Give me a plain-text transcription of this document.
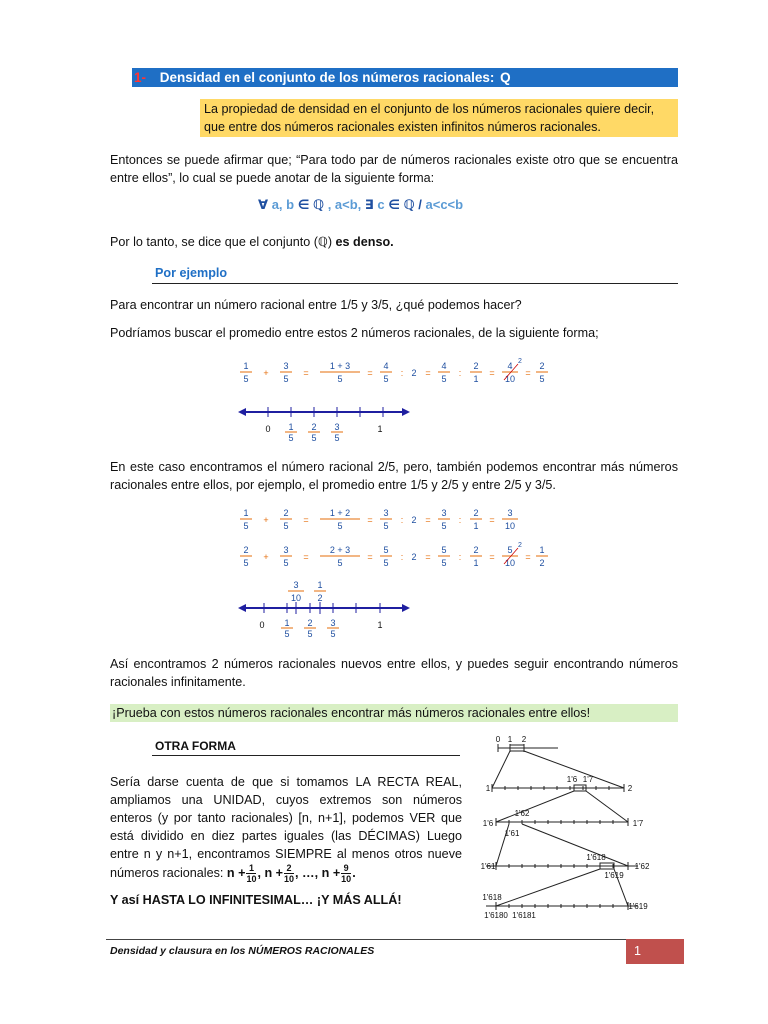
1- Densidad en el conjunto de los números racionales: Q
La propiedad de densidad en el conjunto de los números racionales quiere decir, que entre dos números racionales existen infinitos números racionales.
Entonces se puede afirmar que; “Para todo par de números racionales existe otro que se encuentra entre ellos”, lo cual se puede anotar de la siguiente forma:
∀ a, b ∈ ℚ , a<b, ∃ c ∈ ℚ / a<c<b
Por lo tanto, se dice que el conjunto (ℚ) es denso.
Por ejemplo
Para encontrar un número racional entre 1/5 y 3/5, ¿qué podemos hacer?
Podríamos buscar el promedio entre estos 2 números racionales, de la siguiente forma;
1
5
+
3
5
=
1 + 3
5
=
4
5
: 2 =
4
5
:
2
1
=
4
10
2
=
2
5
0	1
1
5
2
5
3
5
En este caso encontramos el número racional 2/5, pero, también podemos encontrar más números racionales entre ellos, por ejemplo, el promedio entre 1/5 y 2/5 y entre 2/5 y 3/5.
1
5
+
2
5
=
1 + 2
5
=
3
5
: 2 =
3
5
:
2
1
=
3
10
2
5
+
3
5
=
2 + 3
5
=
5
5
: 2 =
5
5
:
2
1
=
5
10
2
=
1
2
3
10
1
2
0	1
1
5
2
5
3
5
Así encontramos 2 números racionales nuevos entre ellos, y puedes seguir encontrando números racionales infinitamente.
¡Prueba con estos números racionales encontrar más números racionales entre ellos!
OTRA FORMA
Sería darse cuenta de que si tomamos LA RECTA REAL, ampliamos una UNIDAD, cuyos extremos son números enteros (y por tanto racionales) [n, n+1], podemos VER que está dividido en diez partes iguales (las DÉCIMAS) Luego entre n y n+1, encontramos SIEMPRE al menos otros nueve números racionales: $n + \frac{1}{10}$ , $n + \frac{2}{10}$ , …, $n + \frac{9}{10}$ .
Y así HASTA LO INFINITESIMAL… ¡Y MÁS ALLÁ!
0 1 2
1
1'6 1'7
2
1'6
1'62
1'61
1'7
1'61
1'618
1'619
1'62
1'618
1'6180 1'6181
1'619
Densidad y clausura en los NÚMEROS RACIONALES	1
